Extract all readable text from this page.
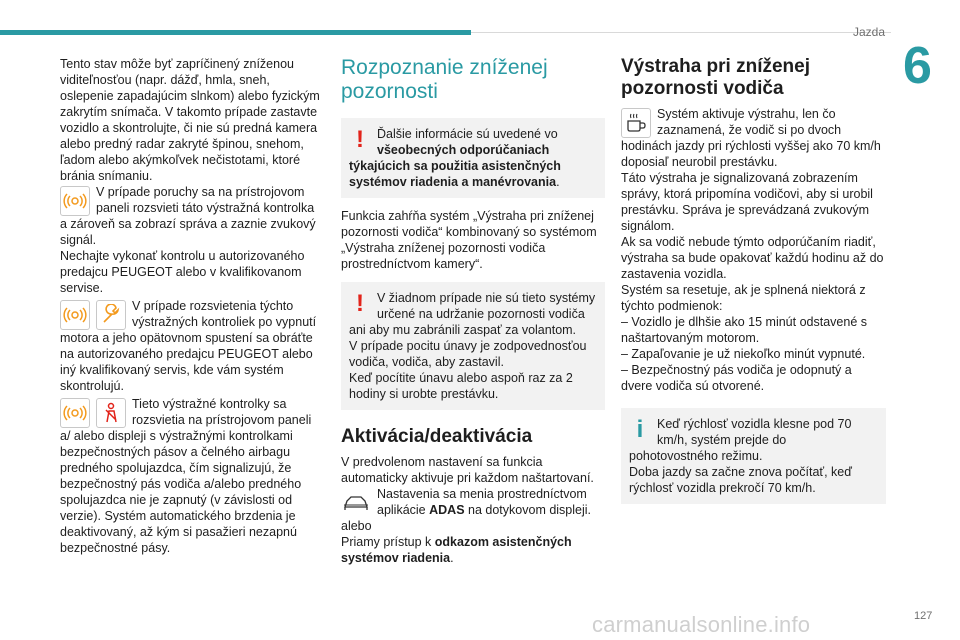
Jazda
6
carmanualsonline.info	127

Tento stav môže byť zapríčinený zníženou viditeľnosťou (napr. dážď, hmla, sneh, oslepenie zapadajúcim slnkom) alebo fyzickým zakrytím snímača. V takomto prípade zastavte vozidlo a skontrolujte, či nie sú predná kamera alebo predný radar zakryté špinou, snehom, ľadom alebo akýmkoľvek nečistotami, ktoré bránia snímaniu.

V prípade poruchy sa na prístrojovom paneli rozsvieti táto výstražná kontrolka a zároveň sa zobrazí správa a zaznie zvukový signál.

Nechajte vykonať kontrolu u autorizovaného predajcu PEUGEOT alebo v kvalifikovanom servise.

V prípade rozsvietenia týchto výstražných kontroliek po vypnutí motora a jeho opätovnom spustení sa obráťte na autorizovaného predajcu PEUGEOT alebo iný kvalifikovaný servis, kde vám systém skontrolujú.

Tieto výstražné kontrolky sa rozsvietia na prístrojovom paneli a/ alebo displeji s výstražnými kontrolkami bezpečnostných pásov a čelného airbagu predného spolujazdca, čím signalizujú, že bezpečnostný pás vodiča a/alebo predného spolujazdca nie je zapnutý (v závislosti od verzie). Systém automatického brzdenia je deaktivovaný, až kým si pasažieri nezapnú bezpečnostné pásy.

Rozpoznanie zníženej pozornosti
!	Ďalšie informácie sú uvedené vo všeobecných odporúčaniach týkajúcich sa použitia asistenčných systémov riadenia a manévrovania.

Funkcia zahŕňa systém „Výstraha pri zníženej pozornosti vodiča“ kombinovaný so systémom „Výstraha zníženej pozornosti vodiča prostredníctvom kamery“.

!	V žiadnom prípade nie sú tieto systémy určené na udržanie pozornosti vodiča ani aby mu zabránili zaspať za volantom.

V prípade pocitu únavy je zodpovednosťou vodiča, vodiča, aby zastavil.

Keď pocítite únavu alebo aspoň raz za 2 hodiny si urobte prestávku.

Aktivácia/deaktivácia

V predvolenom nastavení sa funkcia automaticky aktivuje pri každom naštartovaní.

Nastavenia sa menia prostredníctvom aplikácie ADAS na dotykovom displeji. alebo

Priamy prístup k odkazom asistenčných systémov riadenia.

Výstraha pri zníženej pozornosti vodiča

Systém aktivuje výstrahu, len čo zaznamená, že vodič si po dvoch hodinách jazdy pri rýchlosti vyššej ako 70 km/h doposiaľ neurobil prestávku.

Táto výstraha je signalizovaná zobrazením správy, ktorá pripomína vodičovi, aby si urobil prestávku. Správa je sprevádzaná zvukovým signálom.

Ak sa vodič nebude týmto odporúčaním riadiť, výstraha sa bude opakovať každú hodinu až do zastavenia vozidla.

Systém sa resetuje, ak je splnená niektorá z týchto podmienok:

– Vozidlo je dlhšie ako 15 minút odstavené s naštartovaným motorom.

– Zapaľovanie je už niekoľko minút vypnuté.

– Bezpečnostný pás vodiča je odopnutý a dvere vodiča sú otvorené.

i	Keď rýchlosť vozidla klesne pod 70 km/h, systém prejde do pohotovostného režimu.

Doba jazdy sa začne znova počítať, keď rýchlosť vozidla prekročí 70 km/h.
